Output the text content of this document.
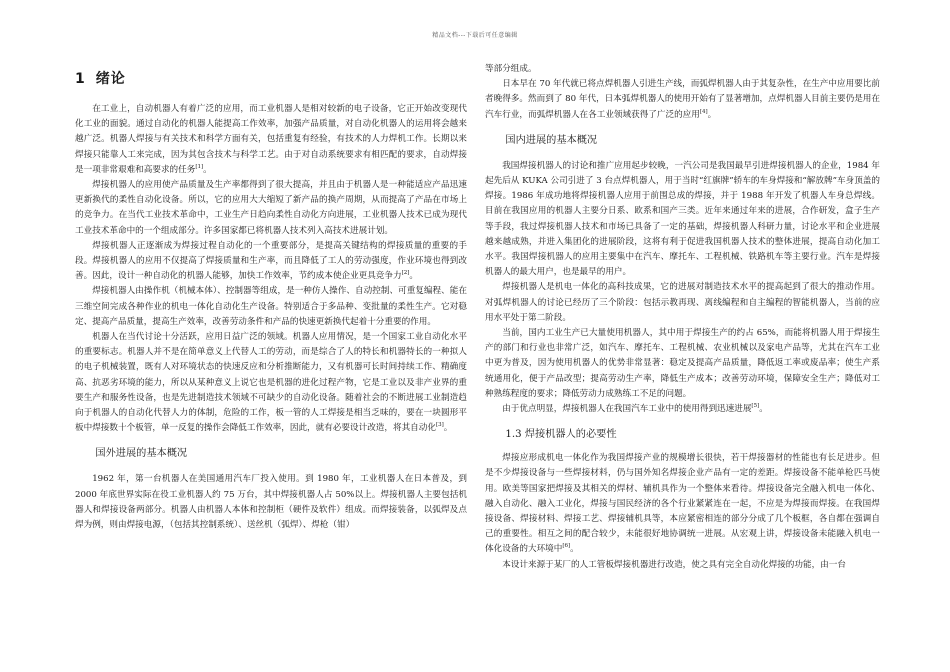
精品文档---下载后可任意编辑
1 绪论

在工业上，自动机器人有着广泛的应用，而工业机器人是相对较新的电子设备，它正开始改变现代化工业的面貌。通过自动化的机器人能提高工作效率，加强产品质量，对自动化机器人的运用将会越来越广泛。机器人焊接与有关技术和科学方面有关，包括重复有经验，有技术的人力焊机工作。长期以来焊接只能靠人工来完成，因为其包含技术与科学工艺。由于对自动系统要求有相匹配的要求，自动焊接是一项非常艰难和高要求的任务[1]。

焊接机器人的应用使产品质量及生产率都得到了很大提高，并且由于机器人是一种能适应产品迅速更新换代的柔性自动化设备。所以，它的应用大大缩短了新产品的换产周期，从而提高了产品在市场上的竞争力。在当代工业技术革命中，工业生产日趋向柔性自动化方向进展，工业机器人技术已成为现代工业技术革命中的一个组成部分。许多国家都已将机器人技术列入高技术进展计划。

焊接机器人正逐渐成为焊接过程自动化的一个重要部分，是提高关键结构的焊接质量的重要的手段。焊接机器人的应用不仅提高了焊接质量和生产率，而且降低了工人的劳动强度，作业环境也得到改善。因此，设计一种自动化的机器人能够，加快工作效率，节约成本使企业更具竞争力[2]。

焊接机器人由操作机（机械本体）、控制器等组成，是一种仿人操作、自动控制、可重复编程、能在三维空间完成各种作业的机电一体化自动化生产设备。特别适合于多品种、变批量的柔性生产。它对稳定、提高产品质量，提高生产效率，改善劳动条件和产品的快速更新换代起着十分重要的作用。

机器人在当代讨论十分活跃，应用日益广泛的领域。机器人应用情况，是一个国家工业自动化水平的重要标志。机器人并不是在简单意义上代替人工的劳动，而是综合了人的特长和机器特长的一种拟人的电子机械装置，既有人对环境状态的快速反应和分析推断能力，又有机器可长时间持续工作、精确度高、抗恶劣环境的能力，所以从某种意义上说它也是机器的进化过程产物，它是工业以及非产业界的重要生产和服务性设备，也是先进制造技术领域不可缺少的自动化设备。随着社会的不断进展工业制造趋向于机器人的自动化代替人力的体制，危险的工作，板一管的人工焊接是相当乏味的，要在一块圆形平板中焊接数十个板管，单一反复的操作会降低工作效率，因此，就有必要设计改造，将其自动化[3]。

国外进展的基本概况

1962 年，第一台机器人在美国通用汽车厂投入使用。到 1980 年，工业机器人在日本普及，到 2000 年底世界实际在役工业机器人约 75 万台，其中焊接机器人占 50%以上。焊接机器人主要包括机器人和焊接设备两部分。机器人由机器人本体和控制柜（硬件及软件）组成。而焊接装备，以弧焊及点焊为例，则由焊接电源，（包括其控制系统）、送丝机（弧焊）、焊枪（钳）

等部分组成。

日本早在 70 年代就已将点焊机器人引进生产线，而弧焊机器人由于其复杂性，在生产中应用要比前者晚得多。然而到了 80 年代，日本弧焊机器人的使用开始有了显著增加，点焊机器人目前主要仍是用在汽车行业，而弧焊机器人在各工业领域获得了广泛的应用[4]。

国内进展的基本概况

我国焊接机器人的讨论和推广应用起步较晚，一汽公司是我国最早引进焊接机器人的企业，1984 年起先后从 KUKA 公司引进了 3 台点焊机器人，用于当时“红旗牌”轿车的车身焊接和“解放牌”车身顶盖的焊接。1986 年成功地将焊接机器人应用于前围总成的焊接，并于 1988 年开发了机器人车身总焊线。目前在我国应用的机器人主要分日系、欧系和国产三类。近年来通过年来的进展，合作研发，盒子生产等手段，我过焊接机器人技术和市场已具备了一定的基础，焊接机器人科研力量，讨论水平和企业进展越来越成熟，并进入集团化的进展阶段，这将有利于促进我国机器人技术的整体进展，提高自动化加工水平。我国焊接机器人的应用主要集中在汽车、摩托车、工程机械、铁路机车等主要行业。汽车是焊接机器人的最大用户，也是最早的用户。

焊接机器人是机电一体化的高科技成果，它的进展对制造技术水平的提高起到了很大的推动作用。对弧焊机器人的讨论已经历了三个阶段：包括示教再现、离线编程和自主编程的智能机器人，当前的应用水平处于第二阶段。

当前，国内工业生产已大量使用机器人，其中用于焊接生产的约占 65%，而能将机器人用于焊接生产的部门和行业也非常广泛，如汽车、摩托车、工程机械、农业机械以及家电产品等，尤其在汽车工业中更为普及，因为使用机器人的优势非常显著：稳定及提高产品质量，降低返工率或废品率；使生产系统通用化，便于产品改型；提高劳动生产率，降低生产成本；改善劳动环境，保障安全生产；降低对工种熟练程度的要求；降低劳动力成熟练工不足的问题。

由于优点明显，焊接机器人在我国汽车工业中的使用得到迅速进展[5]。

1.3 焊接机器人的必要性

焊接应形成机电一体化作为我国焊接产业的规模增长很快，若干焊接器材的性能也有长足进步。但是不少焊接设备与一些焊接材料，仍与国外知名焊接企业产品有一定的差距。焊接设备不能单枪匹马使用。欧美等国家把焊接及其相关的焊材、辅机具作为一个整体来看待。焊接设备完全融入机电一体化、融入自动化、融入工业化，焊接与国民经济的各个行业紧紧连在一起，不应是为焊接而焊接。在我国焊接设备、焊接材料、焊接工艺、焊接辅机具等，本应紧密相连的部分分成了几个板框，各自都在强调自己的重要性。相互之间的配合较少，未能很好地协调统一进展。从宏观上讲，焊接设备未能融入机电一体化设备的大环境中[6]。

本设计来源于某厂的人工管板焊接机器进行改造，使之具有完全自动化焊接的功能，由一台
